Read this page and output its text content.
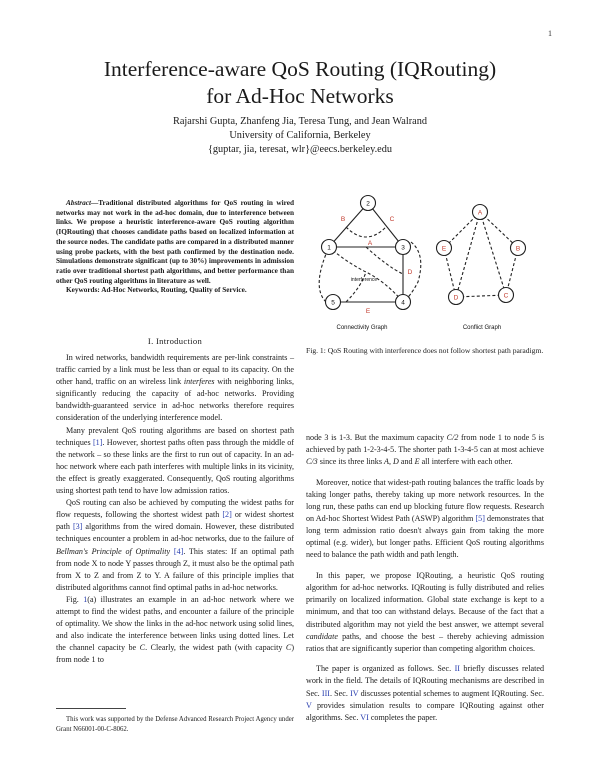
1
Interference-aware QoS Routing (IQRouting)
for Ad-Hoc Networks
Rajarshi Gupta, Zhanfeng Jia, Teresa Tung, and Jean Walrand
University of California, Berkeley
{guptar, jia, teresat, wlr}@eecs.berkeley.edu

Abstract—Traditional distributed algorithms for QoS routing in wired networks may not work in the ad-hoc domain, due to interference between links. We propose a heuristic interference-aware QoS routing algorithm (IQRouting) that chooses candidate paths based on localized information at the source nodes. The candidate paths are compared in a distributed manner using probe packets, with the best path confirmed by the destination node. Simulations demonstrate significant (up to 30%) improvements in admission ratio over traditional shortest path algorithms, and better performance than other QoS routing algorithms in literature as well.

Keywords: Ad-Hoc Networks, Routing, Quality of Service.

I. Introduction

In wired networks, bandwidth requirements are per-link constraints – traffic carried by a link must be less than or equal to its capacity. On the other hand, traffic on an wireless link interferes with neighboring links, significantly reducing the capacity of ad-hoc networks. Providing bandwidth-guaranteed service in ad-hoc networks therefore requires consideration of the underlying interference model.

Many prevalent QoS routing algorithms are based on shortest path techniques [1]. However, shortest paths often pass through the middle of the network – so these links are the first to run out of capacity. In an ad-hoc network where each path interferes with multiple links in its vicinity, the effect is greatly exaggerated. Consequently, QoS routing algorithms using shortest path tend to have low admission ratios.

QoS routing can also be achieved by computing the widest paths for flow requests, following the shortest widest path [2] or widest shortest path [3] algorithms from the wired domain. However, these distributed techniques encounter a problem in ad-hoc networks, due to the failure of Bellman's Principle of Optimality [4]. This states: If an optimal path from node X to node Y passes through Z, it must also be the optimal path from X to Z and from Z to Y. A failure of this principle implies that distributed algorithms cannot find optimal paths in ad-hoc networks.

Fig. 1(a) illustrates an example in an ad-hoc network where we attempt to find the widest paths, and encounter a failure of the principle of optimality. We show the links in the ad-hoc network using solid lines, and also indicate the interference between links using dotted lines. Let the channel capacity be C. Clearly, the widest path (with capacity C) from node 1 to

This work was supported by the Defense Advanced Research Project Agency under Grant N66001-00-C-8062.
2
1	3
4
5
B	C
A
D
E
interference
Connectivity Graph
A
B
C
D
E
Conflict Graph
Fig. 1: QoS Routing with interference does not follow shortest path paradigm.

node 3 is 1-3. But the maximum capacity C/2 from node 1 to node 5 is achieved by path 1-2-3-4-5. The shorter path 1-3-4-5 can at most achieve C/3 since its three links A, D and E all interfere with each other.

Moreover, notice that widest-path routing balances the traffic loads by taking longer paths, thereby taking up more network resources. In the long run, these paths can end up blocking future flow requests. Research on Ad-hoc Shortest Widest Path (ASWP) algorithm [5] demonstrates that long term admission ratio doesn't always gain from taking the more optimal (e.g. wider), but longer paths. Efficient QoS routing algorithms need to balance the path width and path length.

In this paper, we propose IQRouting, a heuristic QoS routing algorithm for ad-hoc networks. IQRouting is fully distributed and relies primarily on localized information. Global state exchange is kept to a minimum, and that too can withstand delays. Because of the fact that a distributed algorithm may not yield the best answer, we attempt several candidate paths, and choose the best – thereby achieving admission ratios that are significantly superior than competing algorithm choices.

The paper is organized as follows. Sec. II briefly discusses related work in the field. The details of IQRouting mechanisms are described in Sec. III. Sec. IV discusses potential schemes to augment IQRouting. Sec. V provides simulation results to compare IQRouting against other algorithms. Sec. VI completes the paper.
